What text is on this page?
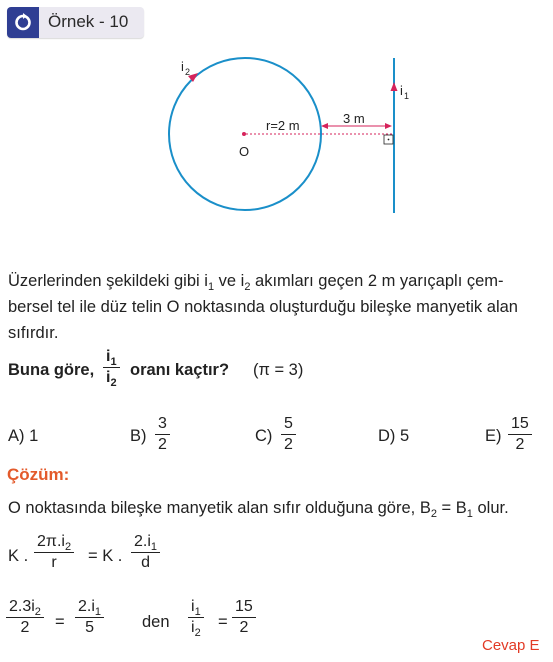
Örnek - 10
i 2
i 1
r=2 m	3 m
O
Üzerlerinden şekildeki gibi $i_1$ ve $i_2$ akımları geçen 2 m yarıçaplı çem-
bersel tel ile düz telin O noktasında oluşturduğu bileşke manyetik alan
sıfırdır.
Buna göre, $\frac{i_1}{i_2}$ oranı kaçtır? (π = 3)
A) 1	$B) \frac{3}{2}$	$C) \frac{5}{2}$	D) 5	$E) \frac{15}{2}$
Çözüm:
O noktasında bileşke manyetik alan sıfır olduğuna göre, $B_2 = B_1$ olur.
K . $\frac{2\pi.i_2}{r} = K$ . $\frac{2.i_1}{d}$
$\frac{2.3i_2}{2} = \frac{2.i_1}{5}$ den $\frac{i_1}{i_2} = \frac{15}{2}$
Cevap E
